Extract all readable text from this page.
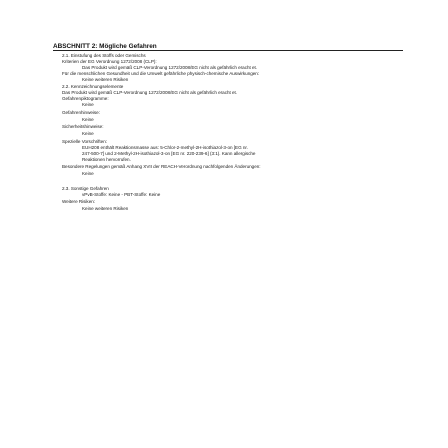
ABSCHNITT 2: Mögliche Gefahren
2.1. Einstufung des Stoffs oder Gemischs
Kriterien der EG Verordnung 1272/2008 (CLP):
Das Produkt wird gemäß CLP-Verordnung 1272/2008/EG nicht als gefährlich eracht et.
Für die menschlichen Gesundheit und die Umwelt gefährliche physisch-chemische Auswirkungen:
Keine weiteren Risiken
2.2. Kennzeichnungselemente
Das Produkt wird gemäß CLP-Verordnung 1272/2008/EG nicht als gefährlich eracht et.
Gefahrenpiktogramme:
Keine
Gefahrenhinweise:
Keine
Sicherheitshinweise:
Keine
Spezielle Vorschriften:
EUH208 enthält Reaktionsmasse aus: 5-Chlor-2-methyl-2H-isothiazol-3-on [EG nr.
247-500-7] und 2-Methyl-2H-isothiazol-3-on [EG nr. 220-239-6] (3:1). Kann allergische
Reaktionen hervorrufen.
Besondere Regelungen gemäß Anhang XVII der REACH-Verordnung nachfolgenden Änderungen:
Keine
2.3. Sonstige Gefahren
vPvB-Stoffe: Keine - PBT-Stoffe: Keine
Weitere Risiken:
Keine weiteren Risiken
